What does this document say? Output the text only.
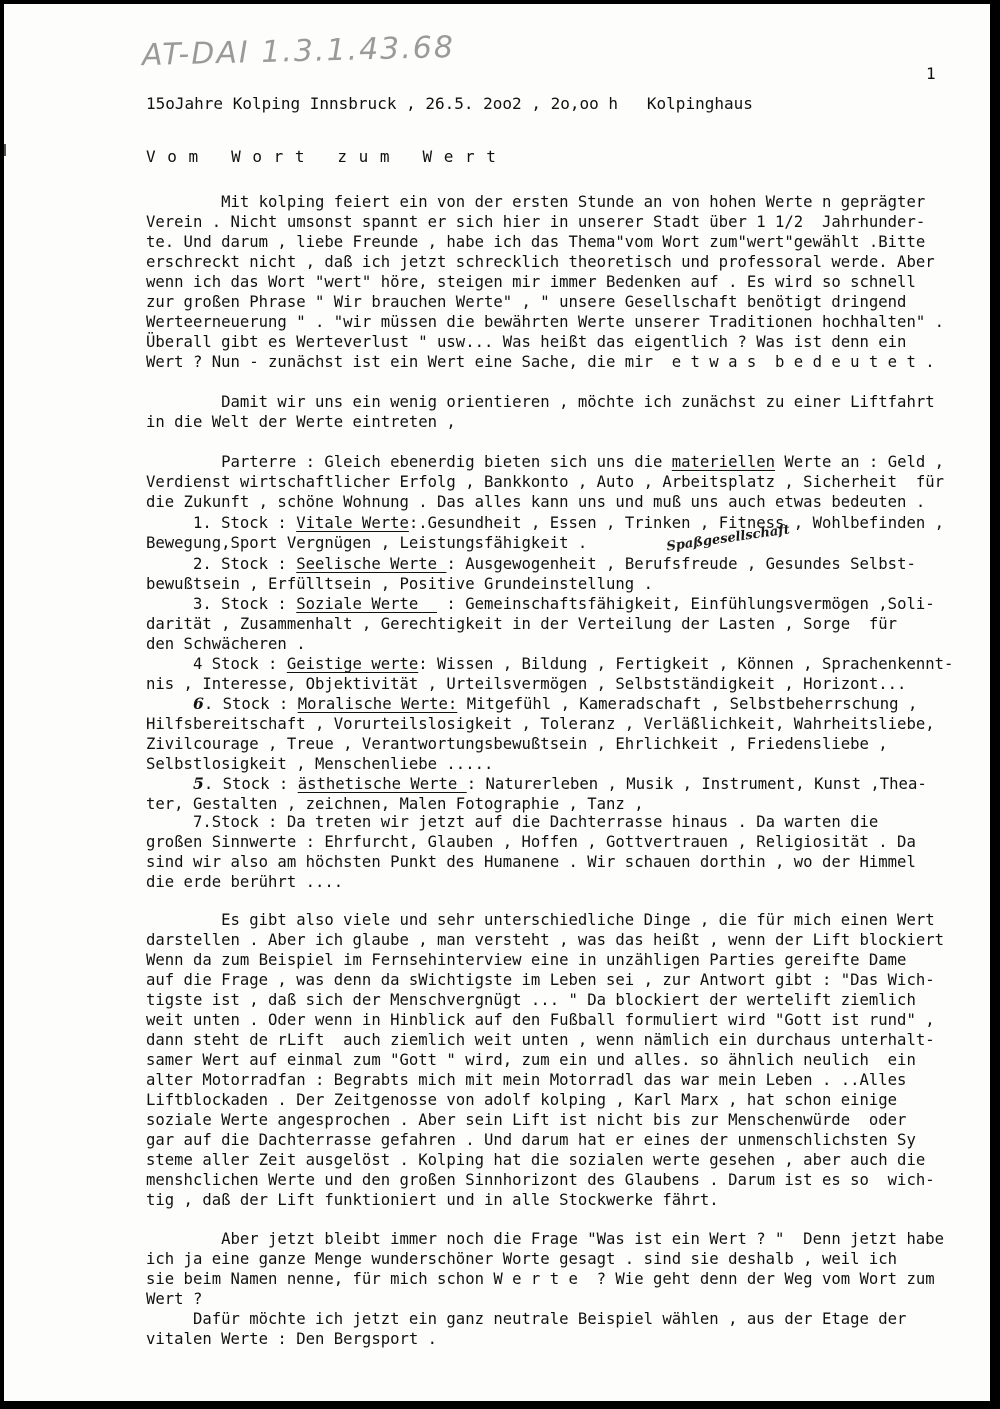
AT-DAI 1.3.1.43.68
1
15oJahre Kolping Innsbruck , 26.5. 2oo2 , 2o,oo h   Kolpinghaus
V o m   W o r t   z u m   W e r t
Mit kolping feiert ein von der ersten Stunde an von hohen Werte n geprägter
Verein . Nicht umsonst spannt er sich hier in unserer Stadt über 1 1/2  Jahrhunder-
te. Und darum , liebe Freunde , habe ich das Thema"vom Wort zum"wert"gewählt .Bitte
erschreckt nicht , daß ich jetzt schrecklich theoretisch und professoral werde. Aber
wenn ich das Wort "wert" höre, steigen mir immer Bedenken auf . Es wird so schnell
zur großen Phrase " Wir brauchen Werte" , " unsere Gesellschaft benötigt dringend
Werteerneuerung " . "wir müssen die bewährten Werte unserer Traditionen hochhalten" .
Überall gibt es Werteverlust " usw... Was heißt das eigentlich ? Was ist denn ein
Wert ? Nun - zunächst ist ein Wert eine Sache, die mir  e t w a s  b e d e u t e t .
Damit wir uns ein wenig orientieren , möchte ich zunächst zu einer Liftfahrt
in die Welt der Werte eintreten ,
Parterre : Gleich ebenerdig bieten sich uns die materiellen Werte an : Geld ,
Verdienst wirtschaftlicher Erfolg , Bankkonto , Auto , Arbeitsplatz , Sicherheit  für
die Zukunft , schöne Wohnung . Das alles kann uns und muß uns auch etwas bedeuten .
1. Stock : Vitale Werte:.Gesundheit , Essen , Trinken , Fitness , Wohlbefinden ,
Bewegung,Sport Vergnügen , Leistungsfähigkeit .	Spaßgesellschaft
2. Stock : Seelische Werte : Ausgewogenheit , Berufsfreude , Gesundes Selbst-
bewußtsein , Erfülltsein , Positive Grundeinstellung .
3. Stock : Soziale Werte   : Gemeinschaftsfähigkeit, Einfühlungsvermögen ,Soli-
darität , Zusammenhalt , Gerechtigkeit in der Verteilung der Lasten , Sorge  für
den Schwächeren .
4 Stock : Geistige werte: Wissen , Bildung , Fertigkeit , Können , Sprachenkennt-
nis , Interesse, Objektivität , Urteilsvermögen , Selbstständigkeit , Horizont...
6. Stock : Moralische Werte: Mitgefühl , Kameradschaft , Selbstbeherrschung ,
Hilfsbereitschaft , Vorurteilslosigkeit , Toleranz , Verläßlichkeit, Wahrheitsliebe,
Zivilcourage , Treue , Verantwortungsbewußtsein , Ehrlichkeit , Friedensliebe ,
Selbstlosigkeit , Menschenliebe .....
5. Stock : ästhetische Werte : Naturerleben , Musik , Instrument, Kunst ,Thea-
ter, Gestalten , zeichnen, Malen Fotographie , Tanz ,
7.Stock : Da treten wir jetzt auf die Dachterrasse hinaus . Da warten die
großen Sinnwerte : Ehrfurcht, Glauben , Hoffen , Gottvertrauen , Religiosität . Da
sind wir also am höchsten Punkt des Humanene . Wir schauen dorthin , wo der Himmel
die erde berührt ....
Es gibt also viele und sehr unterschiedliche Dinge , die für mich einen Wert
darstellen . Aber ich glaube , man versteht , was das heißt , wenn der Lift blockiert
Wenn da zum Beispiel im Fernsehinterview eine in unzähligen Parties gereifte Dame
auf die Frage , was denn da sWichtigste im Leben sei , zur Antwort gibt : "Das Wich-
tigste ist , daß sich der Menschvergnügt ... " Da blockiert der wertelift ziemlich
weit unten . Oder wenn in Hinblick auf den Fußball formuliert wird "Gott ist rund" ,
dann steht de rLift  auch ziemlich weit unten , wenn nämlich ein durchaus unterhalt-
samer Wert auf einmal zum "Gott " wird, zum ein und alles. so ähnlich neulich  ein
alter Motorradfan : Begrabts mich mit mein Motorradl das war mein Leben . ..Alles
Liftblockaden . Der Zeitgenosse von adolf kolping , Karl Marx , hat schon einige
soziale Werte angesprochen . Aber sein Lift ist nicht bis zur Menschenwürde  oder
gar auf die Dachterrasse gefahren . Und darum hat er eines der unmenschlichsten Sy
steme aller Zeit ausgelöst . Kolping hat die sozialen werte gesehen , aber auch die
menshclichen Werte und den großen Sinnhorizont des Glaubens . Darum ist es so  wich-
tig , daß der Lift funktioniert und in alle Stockwerke fährt.
Aber jetzt bleibt immer noch die Frage "Was ist ein Wert ? "  Denn jetzt habe
ich ja eine ganze Menge wunderschöner Worte gesagt . sind sie deshalb , weil ich
sie beim Namen nenne, für mich schon W e r t e  ? Wie geht denn der Weg vom Wort zum
Wert ?
Dafür möchte ich jetzt ein ganz neutrale Beispiel wählen , aus der Etage der
vitalen Werte : Den Bergsport .
